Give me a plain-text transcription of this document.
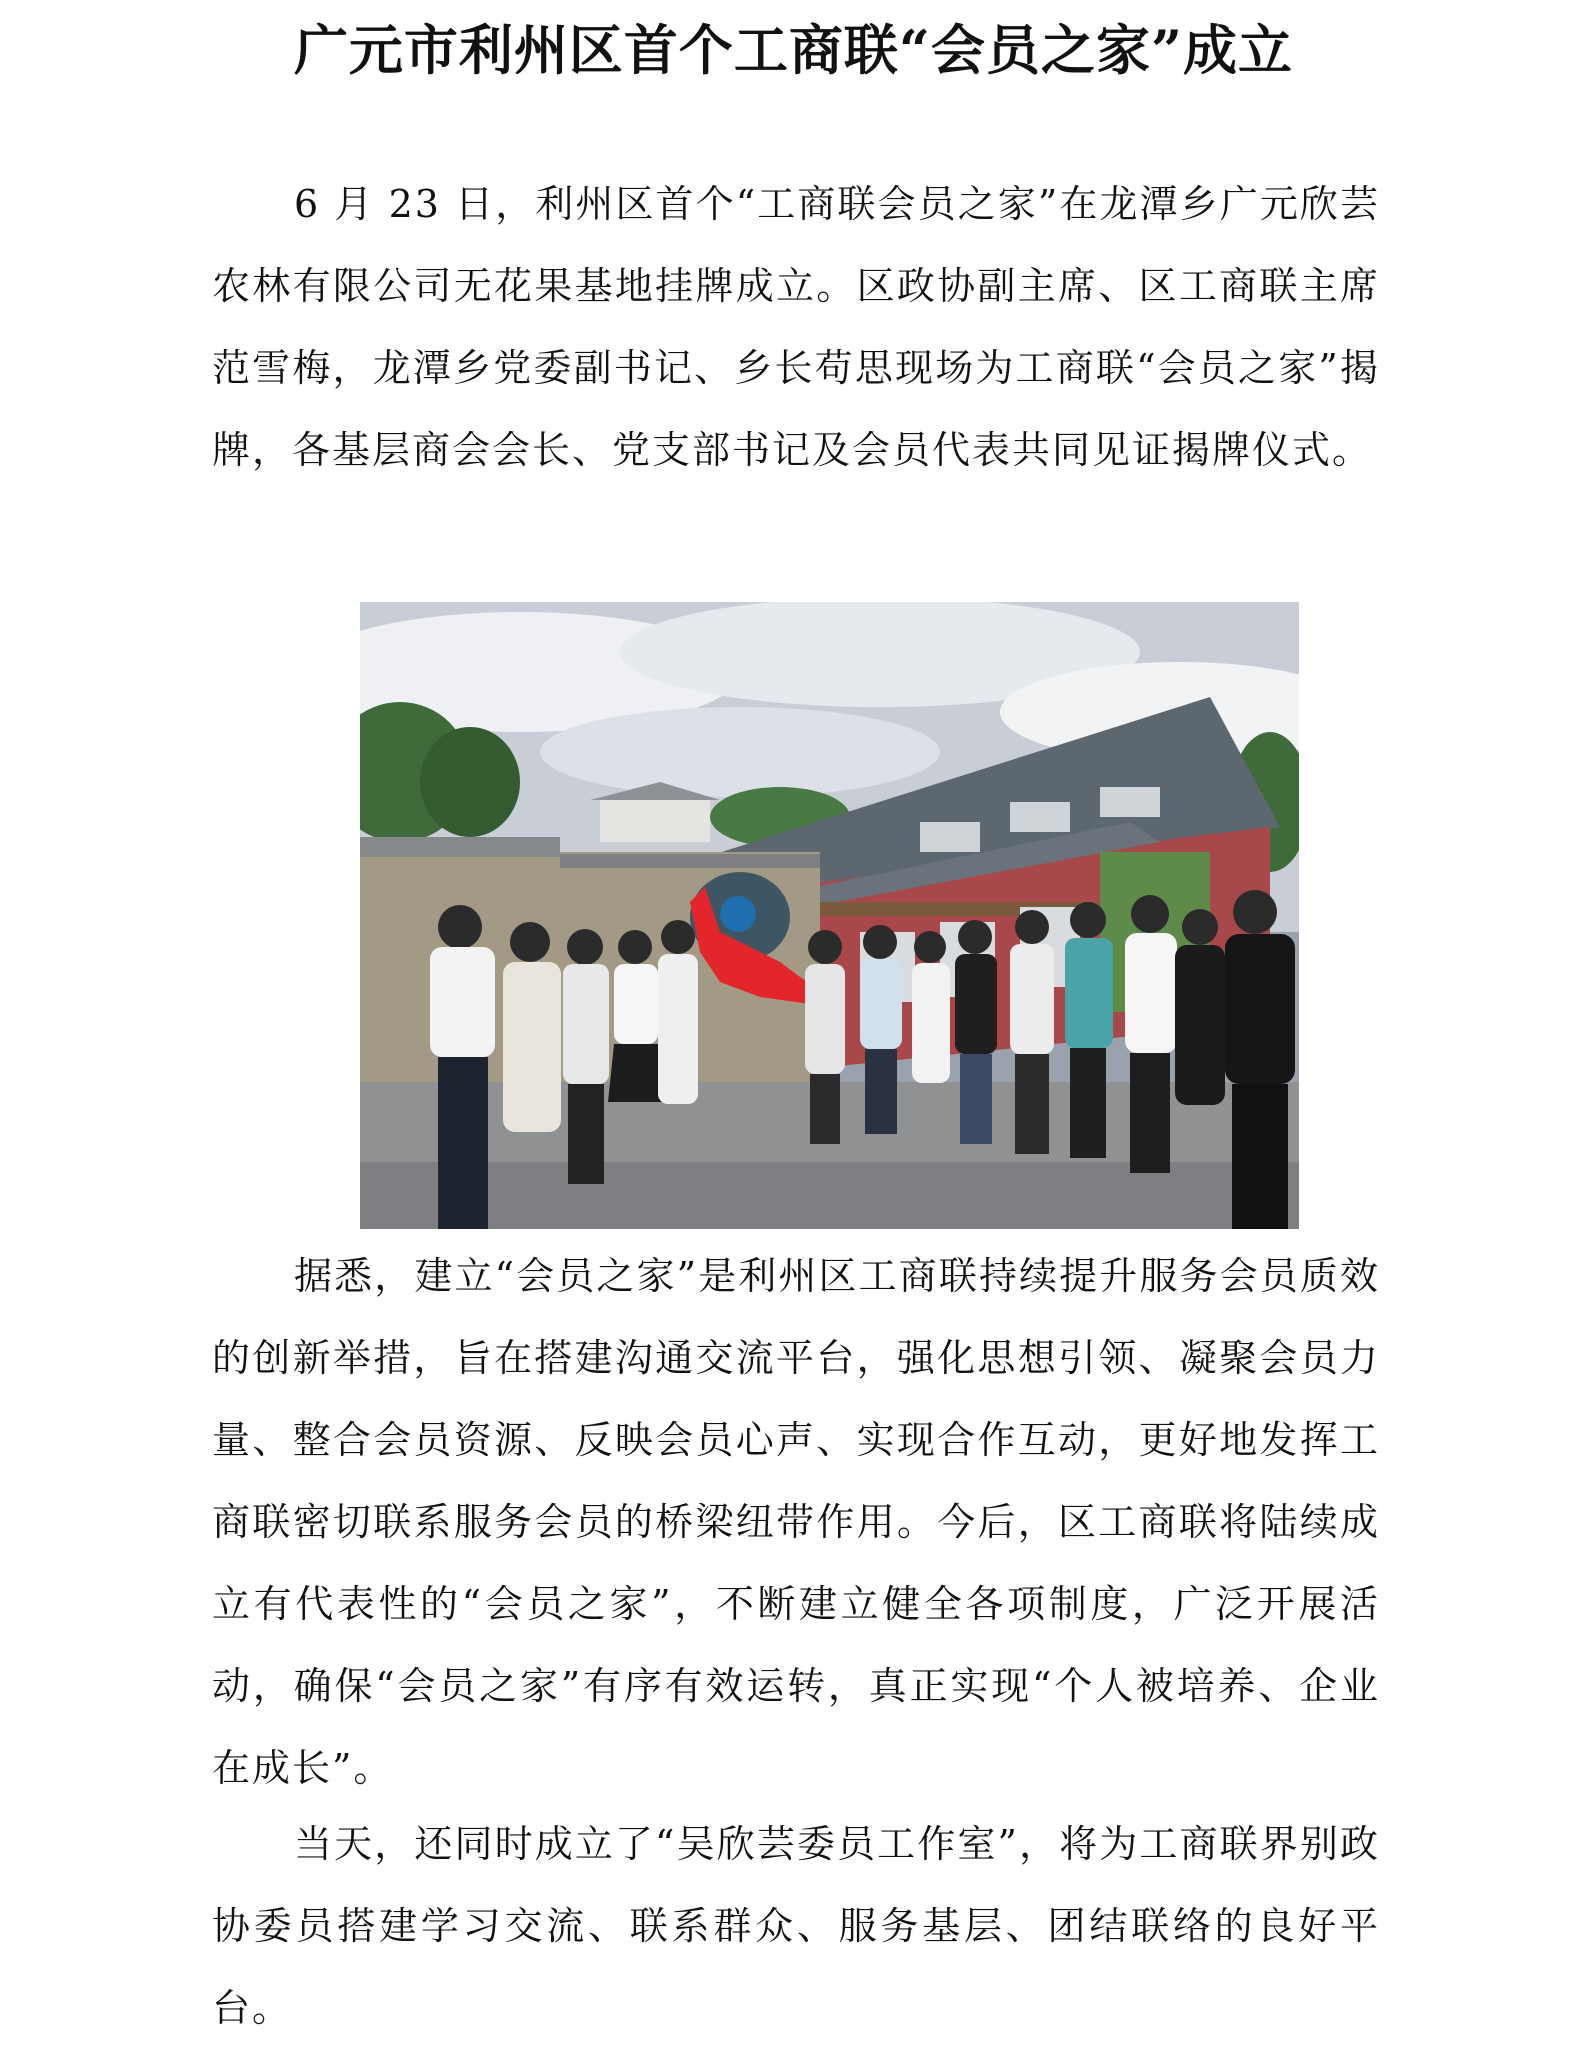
广元市利州区首个工商联“会员之家”成立

6 月 23 日，利州区首个“工商联会员之家”在龙潭乡广元欣芸农林有限公司无花果基地挂牌成立。区政协副主席、区工商联主席范雪梅，龙潭乡党委副书记、乡长苟思现场为工商联“会员之家”揭牌，各基层商会会长、党支部书记及会员代表共同见证揭牌仪式。

据悉，建立“会员之家”是利州区工商联持续提升服务会员质效的创新举措，旨在搭建沟通交流平台，强化思想引领、凝聚会员力量、整合会员资源、反映会员心声、实现合作互动，更好地发挥工商联密切联系服务会员的桥梁纽带作用。今后，区工商联将陆续成立有代表性的“会员之家”，不断建立健全各项制度，广泛开展活动，确保“会员之家”有序有效运转，真正实现“个人被培养、企业在成长”。

当天，还同时成立了“吴欣芸委员工作室”，将为工商联界别政协委员搭建学习交流、联系群众、服务基层、团结联络的良好平台。
